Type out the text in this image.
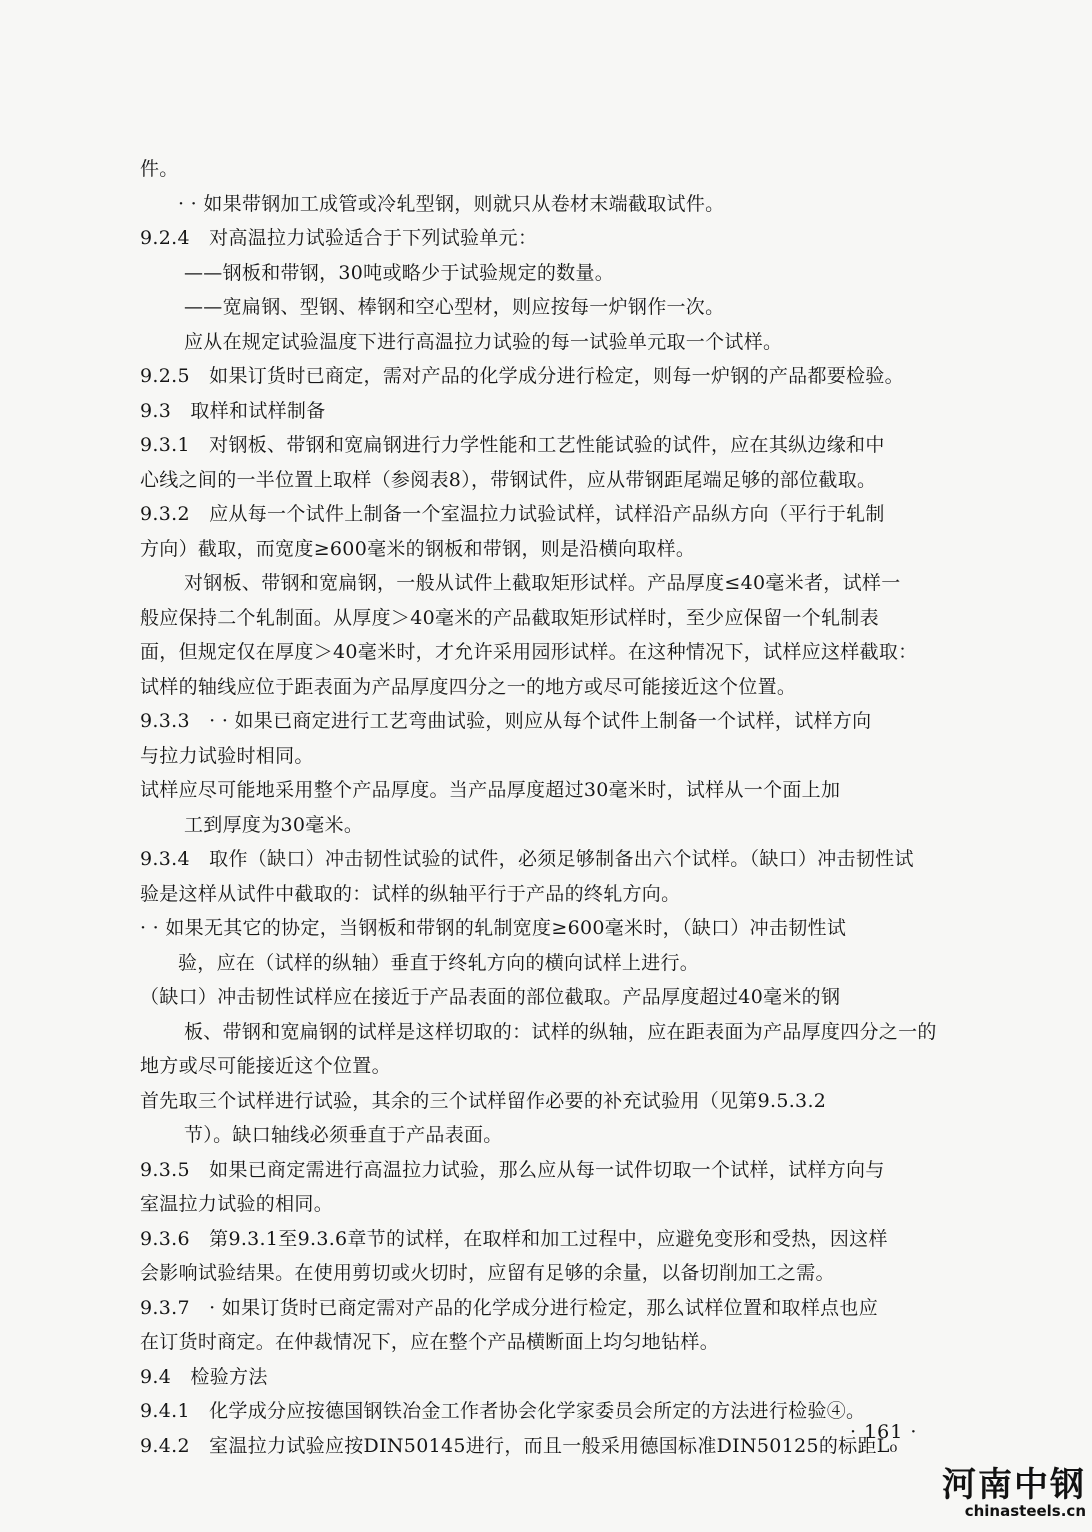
件。
· · 如果带钢加工成管或冷轧型钢，则就只从卷材末端截取试件。
9.2.4　对高温拉力试验适合于下列试验单元：
——钢板和带钢，30吨或略少于试验规定的数量。
——宽扁钢、型钢、棒钢和空心型材，则应按每一炉钢作一次。
应从在规定试验温度下进行高温拉力试验的每一试验单元取一个试样。
9.2.5　如果订货时已商定，需对产品的化学成分进行检定，则每一炉钢的产品都要检验。
9.3　取样和试样制备
9.3.1　对钢板、带钢和宽扁钢进行力学性能和工艺性能试验的试件，应在其纵边缘和中
心线之间的一半位置上取样（参阅表8），带钢试件，应从带钢距尾端足够的部位截取。
9.3.2　应从每一个试件上制备一个室温拉力试验试样，试样沿产品纵方向（平行于轧制
方向）截取，而宽度≥600毫米的钢板和带钢，则是沿横向取样。
对钢板、带钢和宽扁钢，一般从试件上截取矩形试样。产品厚度≤40毫米者，试样一
般应保持二个轧制面。从厚度＞40毫米的产品截取矩形试样时，至少应保留一个轧制表
面，但规定仅在厚度＞40毫米时，才允许采用园形试样。在这种情况下，试样应这样截取：
试样的轴线应位于距表面为产品厚度四分之一的地方或尽可能接近这个位置。
9.3.3　· · 如果已商定进行工艺弯曲试验，则应从每个试件上制备一个试样，试样方向
与拉力试验时相同。
试样应尽可能地采用整个产品厚度。当产品厚度超过30毫米时，试样从一个面上加
工到厚度为30毫米。
9.3.4　取作（缺口）冲击韧性试验的试件，必须足够制备出六个试样。（缺口）冲击韧性试
验是这样从试件中截取的：试样的纵轴平行于产品的终轧方向。
· · 如果无其它的协定，当钢板和带钢的轧制宽度≥600毫米时，（缺口）冲击韧性试
验，应在（试样的纵轴）垂直于终轧方向的横向试样上进行。
（缺口）冲击韧性试样应在接近于产品表面的部位截取。产品厚度超过40毫米的钢
板、带钢和宽扁钢的试样是这样切取的：试样的纵轴，应在距表面为产品厚度四分之一的
地方或尽可能接近这个位置。
首先取三个试样进行试验，其余的三个试样留作必要的补充试验用（见第9.5.3.2
节）。缺口轴线必须垂直于产品表面。
9.3.5　如果已商定需进行高温拉力试验，那么应从每一试件切取一个试样，试样方向与
室温拉力试验的相同。
9.3.6　第9.3.1至9.3.6章节的试样，在取样和加工过程中，应避免变形和受热，因这样
会影响试验结果。在使用剪切或火切时，应留有足够的余量，以备切削加工之需。
9.3.7　· 如果订货时已商定需对产品的化学成分进行检定，那么试样位置和取样点也应
在订货时商定。在仲裁情况下，应在整个产品横断面上均匀地钻样。
9.4　检验方法
9.4.1　化学成分应按德国钢铁冶金工作者协会化学家委员会所定的方法进行检验④。
9.4.2　室温拉力试验应按DIN50145进行，而且一般采用德国标准DIN50125的标距L₀
· 161 ·
河南中钢
chinasteels.cn
